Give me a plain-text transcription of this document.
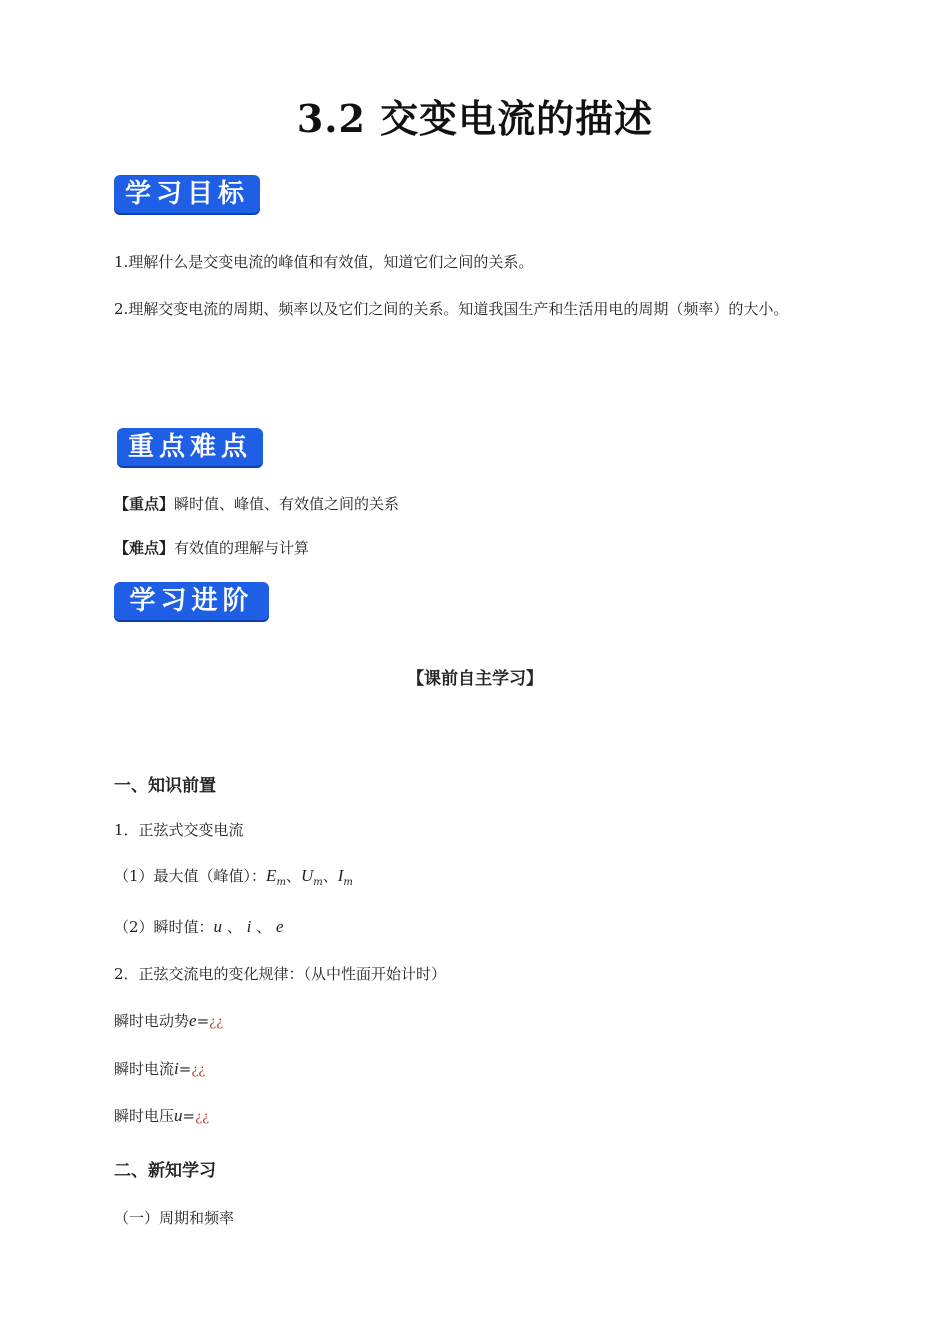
3.2 交变电流的描述
学习目标
1.理解什么是交变电流的峰值和有效值，知道它们之间的关系。
2.理解交变电流的周期、频率以及它们之间的关系。知道我国生产和生活用电的周期（频率）的大小。
重点难点
【重点】瞬时值、峰值、有效值之间的关系
【难点】有效值的理解与计算
学习进阶
【课前自主学习】
一、知识前置
1．正弦式交变电流
（1）最大值（峰值）：$E_m$、$U_m$、$I_m$
（2）瞬时值：u 、 i 、 e
2．正弦交流电的变化规律：（从中性面开始计时）
瞬时电动势e=¿¿
瞬时电流i=¿¿
瞬时电压u=¿¿
二、新知学习
（一）周期和频率
